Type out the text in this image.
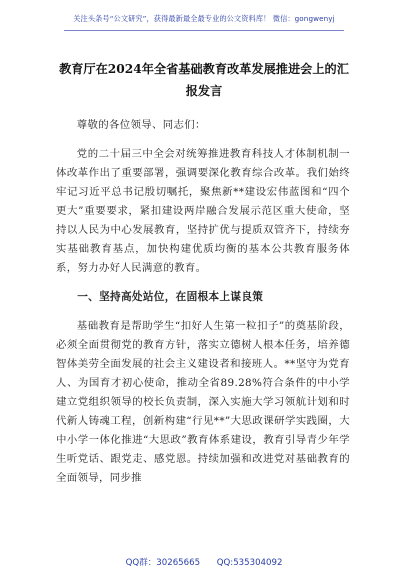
关注头条号“公文研究”，获得最新最全最专业的公文资料库！ 微信：gongwenyj
教育厅在2024年全省基础教育改革发展推进会上的汇报发言

尊敬的各位领导、同志们：

党的二十届三中全会对统筹推进教育科技人才体制机制一体改革作出了重要部署，强调要深化教育综合改革。我们始终牢记习近平总书记殷切嘱托，聚焦新**建设宏伟蓝图和“四个更大”重要要求，紧扣建设两岸融合发展示范区重大使命，坚持以人民为中心发展教育，坚持扩优与提质双管齐下，持续夯实基础教育基点，加快构建优质均衡的基本公共教育服务体系，努力办好人民满意的教育。

一、坚持高处站位，在固根本上谋良策

基础教育是帮助学生“扣好人生第一粒扣子”的奠基阶段，必须全面贯彻党的教育方针，落实立德树人根本任务，培养德智体美劳全面发展的社会主义建设者和接班人。**坚守为党育人、为国育才初心使命，推动全省89.28%符合条件的中小学建立党组织领导的校长负责制，深入实施大学习领航计划和时代新人铸魂工程，创新构建“行见**”大思政课研学实践圈，大中小学一体化推进“大思政”教育体系建设，教育引导青少年学生听党话、跟党走、感党恩。持续加强和改进党对基础教育的全面领导，同步推

QQ群：30265665 QQ:535304092
